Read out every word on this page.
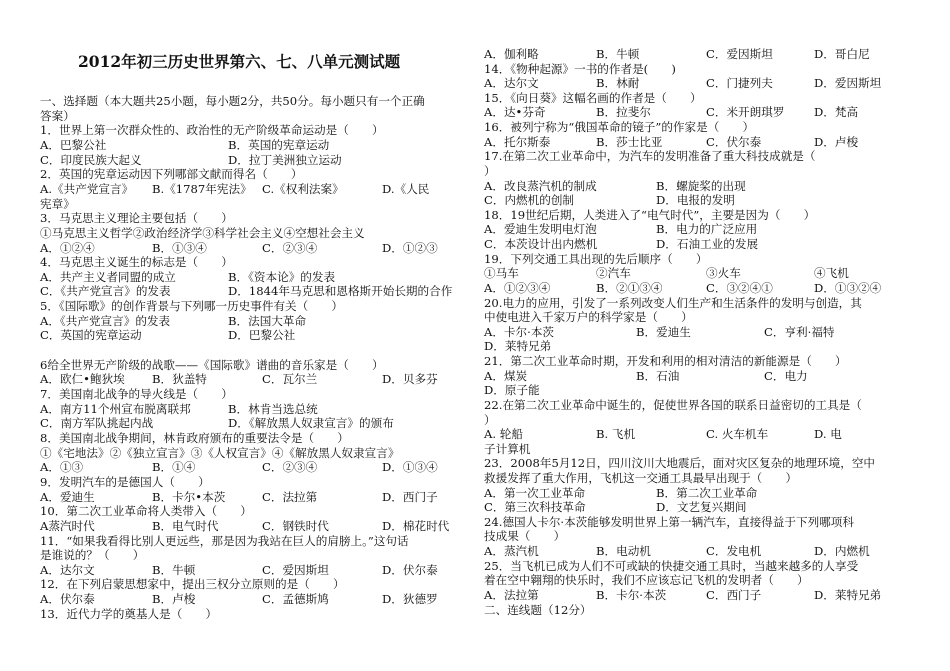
2012年初三历史世界第六、七、八单元测试题
一、选择题（本大题共25小题，每小题2分，共50分。每小题只有一个正确
答案）
1．世界上第一次群众性的、政治性的无产阶级革命运动是（　　）
A．巴黎公社	B．英国的宪章运动
C．印度民族大起义	D．拉丁美洲独立运动
2．英国的宪章运动因下列哪部文献而得名（　　）
A.《共产党宣言》 B.《1787年宪法》 C.《权利法案》	D.《人民
宪章》
3．马克思主义理论主要包括（　　）
①马克思主义哲学②政治经济学③科学社会主义④空想社会主义
A．①②④	B．①③④	C．②③④	D．①②③
4．马克思主义诞生的标志是（　　）
A．共产主义者同盟的成立	B．《资本论》的发表
C．《共产党宣言》的发表	D．1844年马克思和恩格斯开始长期的合作
5．《国际歌》的创作背景与下列哪一历史事件有关（　　）
A．《共产党宣言》的发表	B．法国大革命
C．英国的宪章运动	D．巴黎公社
6给全世界无产阶级的战歌——《国际歌》谱曲的音乐家是（　　）
A．欧仁•鲍狄埃 B．狄盖特	C．瓦尔兰	D．贝多芬
7．美国南北战争的导火线是（　　）
A．南方11个州宣布脱离联邦	B．林肯当选总统
C．南方军队挑起内战	D．《解放黑人奴隶宣言》的颁布
8．美国南北战争期间，林肯政府颁布的重要法令是（　　）
①《宅地法》②《独立宣言》③《人权宣言》④《解放黑人奴隶宣言》
A．①③	B．①④	C．②③④	D．①③④
9．发明汽车的是德国人（　　）
A．爱迪生	B．卡尔•本茨	C．法拉第	D．西门子
10．第二次工业革命将人类带入（　　）
A蒸汽时代	B．电气时代	C．钢铁时代	D．棉花时代
11．“如果我看得比别人更远些，那是因为我站在巨人的肩膀上。”这句话
是谁说的？（　　）
A．达尔文	B．牛顿	C．爱因斯坦	D．伏尔泰
12．在下列启蒙思想家中，提出三权分立原则的是（　　）
A．伏尔泰	B．卢梭	C．孟德斯鸠	D．狄德罗
13．近代力学的奠基人是（　　）
A．伽利略	B．牛顿	C．爱因斯坦	D．哥白尼
14．《物种起源》一书的作者是(　　)
A．达尔文	B．林耐	C．门捷列夫	D．爱因斯坦
15．《向日葵》这幅名画的作者是（　　）
A．达•芬奇	B．拉斐尔	C．米开朗琪罗	D．梵高
16．被列宁称为“俄国革命的镜子”的作家是（　　）
A．托尔斯泰	B．莎士比亚	C．伏尔泰	D．卢梭
17.在第二次工业革命中，为汽车的发明准备了重大科技成就是（
）
A．改良蒸汽机的制成	B．螺旋桨的出现
C．内燃机的创制	D．电报的发明
18．19世纪后期，人类进入了“电气时代”，主要是因为（　　）
A．爱迪生发明电灯泡	B．电力的广泛应用
C．本茨设计出内燃机	D．石油工业的发展
19．下列交通工具出现的先后顺序（　　）
①马车	②汽车	③火车	④飞机
A．①②③④	B．②①③④	C．③②④①	D．①③②④
20.电力的应用，引发了一系列改变人们生产和生活条件的发明与创造，其
中使电进入千家万户的科学家是（　　）
A．卡尔·本茨	B．爱迪生	C．亨利·福特
D．莱特兄弟
21．第二次工业革命时期，开发和利用的相对清洁的新能源是（　　）
A．煤炭	B．石油	C．电力
D．原子能
22.在第二次工业革命中诞生的，促使世界各国的联系日益密切的工具是（
）
A. 轮船	B. 飞机	C. 火车机车	D. 电
子计算机
23．2008年5月12日，四川汶川大地震后，面对灾区复杂的地理环境，空中
救援发挥了重大作用，飞机这一交通工具最早出现于（　　）
A．第一次工业革命	B．第二次工业革命
C．第三次科技革命	D．文艺复兴期间
24.德国人卡尔·本茨能够发明世界上第一辆汽车，直接得益于下列哪项科
技成果（　　）
A．蒸汽机	B．电动机	C．发电机	D．内燃机
25．当飞机已成为人们不可或缺的快捷交通工具时，当越来越多的人享受
着在空中翱翔的快乐时，我们不应该忘记飞机的发明者（　　）
A．法拉第	B．卡尔·本茨	C．西门子	D．莱特兄弟
二、连线题（12分）
